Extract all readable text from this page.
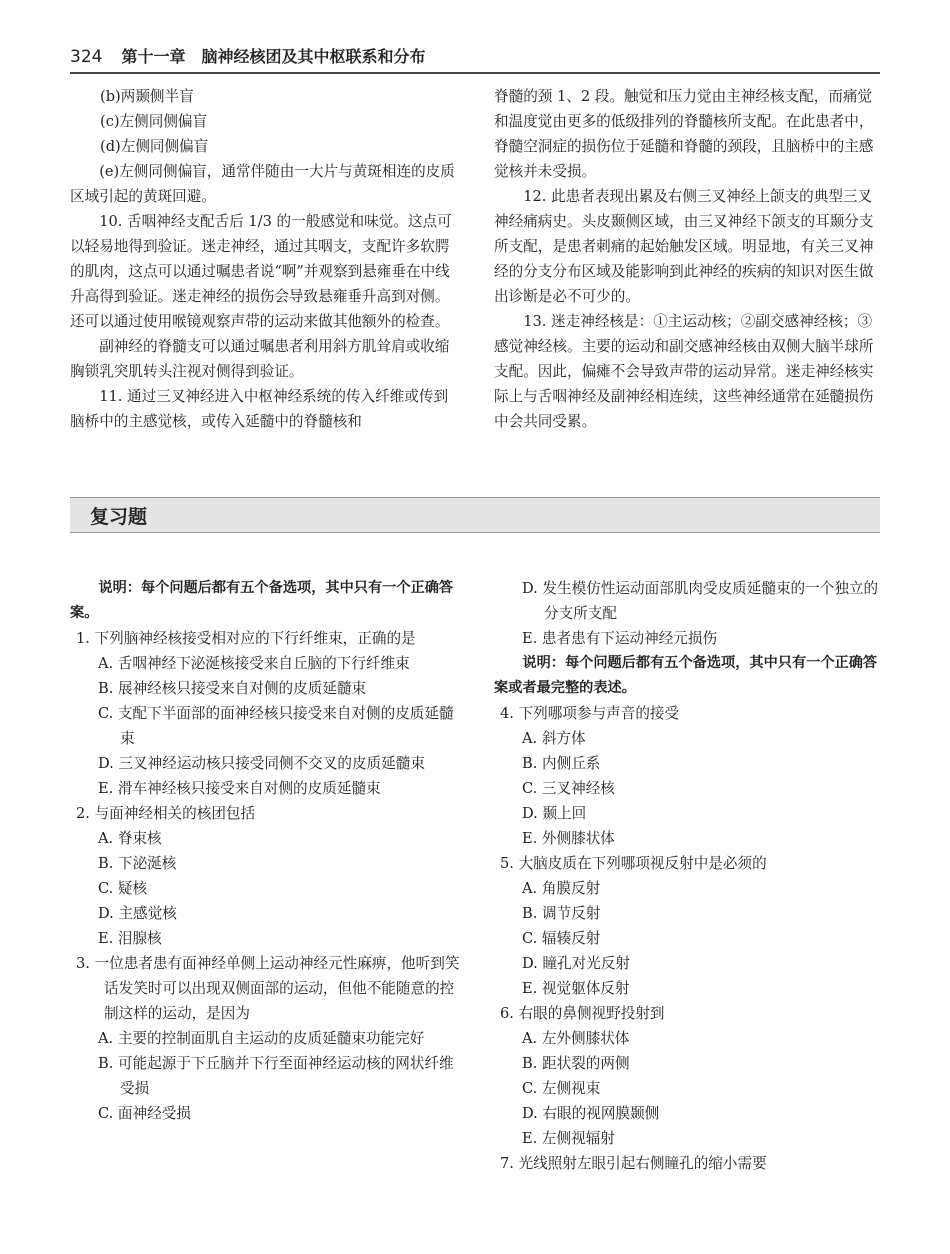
324 第十一章　脑神经核团及其中枢联系和分布

(b)两颞侧半盲

(c)左侧同侧偏盲

(d)左侧同侧偏盲

(e)左侧同侧偏盲，通常伴随由一大片与黄斑相连的皮质区域引起的黄斑回避。

10. 舌咽神经支配舌后 1/3 的一般感觉和味觉。这点可以轻易地得到验证。迷走神经，通过其咽支，支配许多软腭的肌肉，这点可以通过嘱患者说“啊”并观察到悬雍垂在中线升高得到验证。迷走神经的损伤会导致悬雍垂升高到对侧。还可以通过使用喉镜观察声带的运动来做其他额外的检查。

副神经的脊髓支可以通过嘱患者利用斜方肌耸肩或收缩胸锁乳突肌转头注视对侧得到验证。

11. 通过三叉神经进入中枢神经系统的传入纤维或传到脑桥中的主感觉核，或传入延髓中的脊髓核和

脊髓的颈 1、2 段。触觉和压力觉由主神经核支配，而痛觉和温度觉由更多的低级排列的脊髓核所支配。在此患者中，脊髓空洞症的损伤位于延髓和脊髓的颈段，且脑桥中的主感觉核并未受损。

12. 此患者表现出累及右侧三叉神经上颌支的典型三叉神经痛病史。头皮颞侧区域，由三叉神经下颌支的耳颞分支所支配，是患者刺痛的起始触发区域。明显地，有关三叉神经的分支分布区域及能影响到此神经的疾病的知识对医生做出诊断是必不可少的。

13. 迷走神经核是：①主运动核；②副交感神经核；③感觉神经核。主要的运动和副交感神经核由双侧大脑半球所支配。因此，偏瘫不会导致声带的运动异常。迷走神经核实际上与舌咽神经及副神经相连续，这些神经通常在延髓损伤中会共同受累。

复习题

说明：每个问题后都有五个备选项，其中只有一个正确答案。

1. 下列脑神经核接受相对应的下行纤维束，正确的是

A. 舌咽神经下泌涎核接受来自丘脑的下行纤维束

B. 展神经核只接受来自对侧的皮质延髓束

C. 支配下半面部的面神经核只接受来自对侧的皮质延髓束

D. 三叉神经运动核只接受同侧不交叉的皮质延髓束

E. 滑车神经核只接受来自对侧的皮质延髓束

2. 与面神经相关的核团包括

A. 脊束核

B. 下泌涎核

C. 疑核

D. 主感觉核

E. 泪腺核

3. 一位患者患有面神经单侧上运动神经元性麻痹，他听到笑话发笑时可以出现双侧面部的运动，但他不能随意的控制这样的运动，是因为

A. 主要的控制面肌自主运动的皮质延髓束功能完好

B. 可能起源于下丘脑并下行至面神经运动核的网状纤维受损

C. 面神经受损

D. 发生模仿性运动面部肌肉受皮质延髓束的一个独立的分支所支配

E. 患者患有下运动神经元损伤

说明：每个问题后都有五个备选项，其中只有一个正确答案或者最完整的表述。

4. 下列哪项参与声音的接受

A. 斜方体

B. 内侧丘系

C. 三叉神经核

D. 颞上回

E. 外侧膝状体

5. 大脑皮质在下列哪项视反射中是必须的

A. 角膜反射

B. 调节反射

C. 辐辏反射

D. 瞳孔对光反射

E. 视觉躯体反射

6. 右眼的鼻侧视野投射到

A. 左外侧膝状体

B. 距状裂的两侧

C. 左侧视束

D. 右眼的视网膜颞侧

E. 左侧视辐射

7. 光线照射左眼引起右侧瞳孔的缩小需要
